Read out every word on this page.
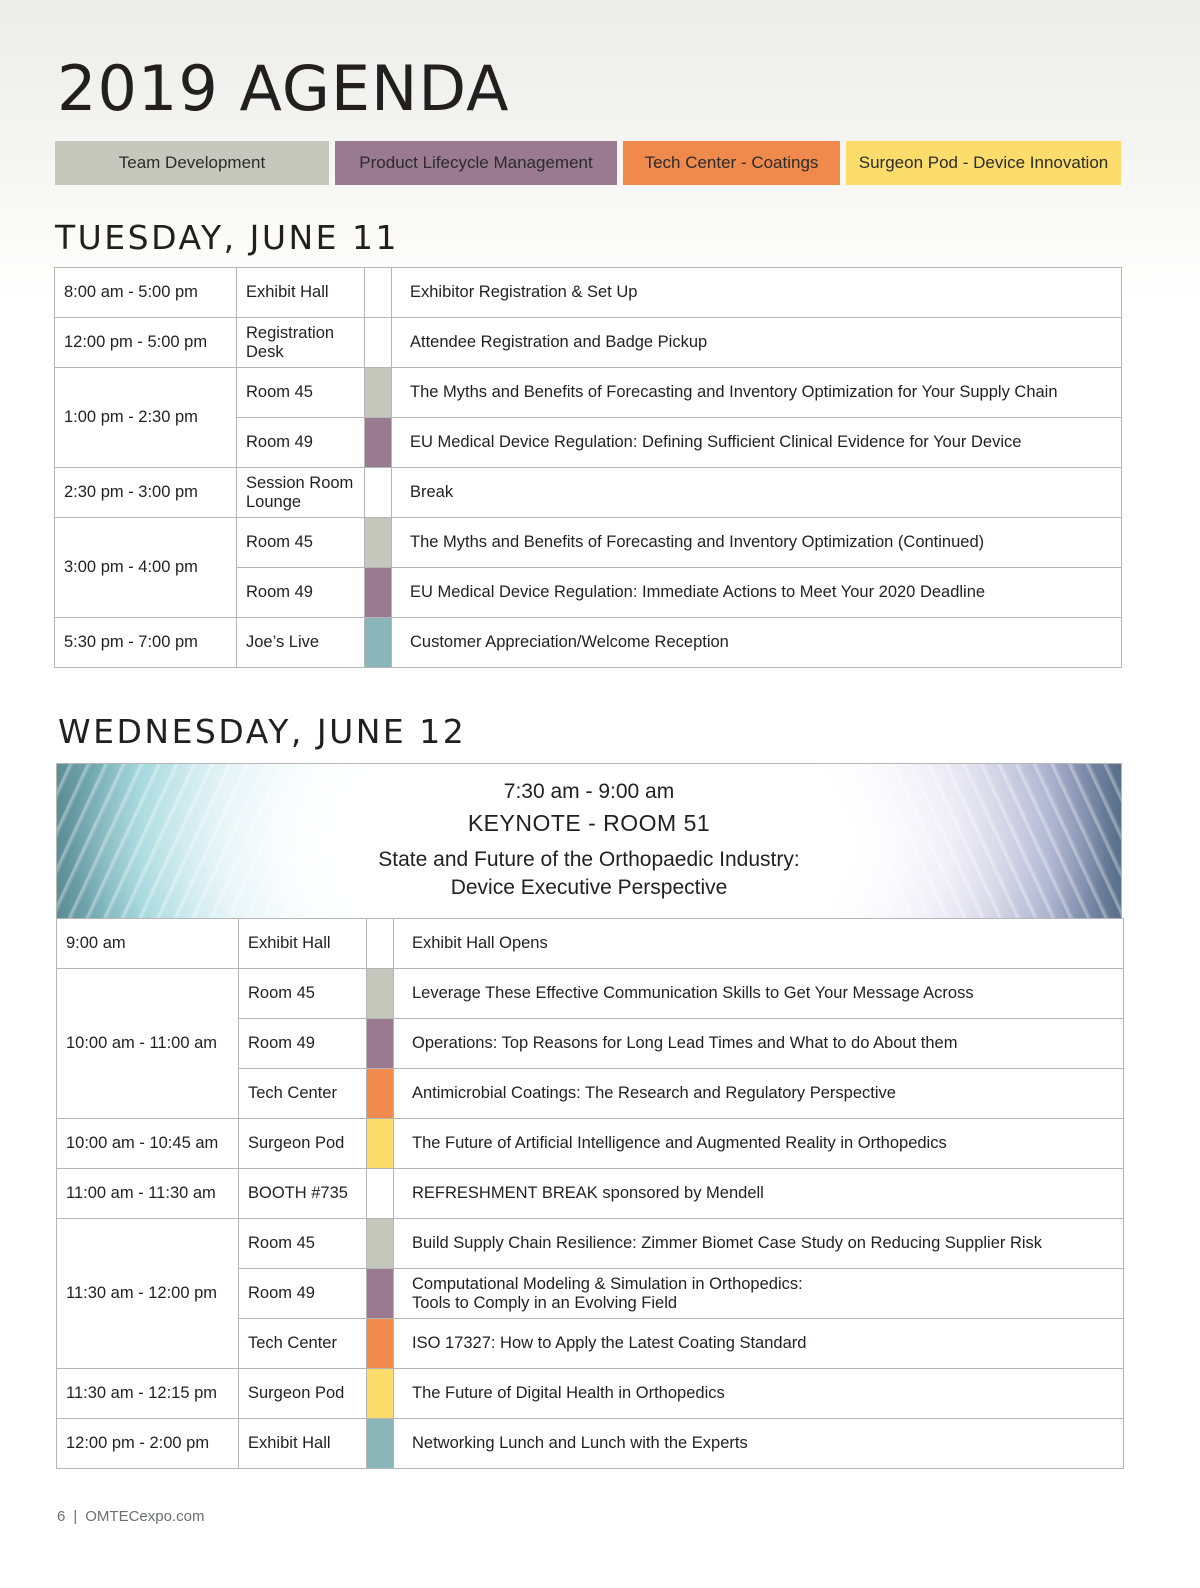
2019 AGENDA
Team Development	Product Lifecycle Management	Tech Center - Coatings	Surgeon Pod - Device Innovation
TUESDAY, JUNE 11
8:00 am - 5:00 pm	Exhibit Hall		Exhibitor Registration & Set Up
12:00 pm - 5:00 pm	Registration Desk		Attendee Registration and Badge Pickup
1:00 pm - 2:30 pm	Room 45		The Myths and Benefits of Forecasting and Inventory Optimization for Your Supply Chain
	Room 49		EU Medical Device Regulation: Defining Sufficient Clinical Evidence for Your Device
2:30 pm - 3:00 pm	Session Room Lounge		Break
3:00 pm - 4:00 pm	Room 45		The Myths and Benefits of Forecasting and Inventory Optimization (Continued)
	Room 49		EU Medical Device Regulation: Immediate Actions to Meet Your 2020 Deadline
5:30 pm - 7:00 pm	Joe’s Live		Customer Appreciation/Welcome Reception
WEDNESDAY, JUNE 12
7:30 am - 9:00 am
KEYNOTE - ROOM 51
State and Future of the Orthopaedic Industry:
Device Executive Perspective
9:00 am	Exhibit Hall		Exhibit Hall Opens
10:00 am - 11:00 am	Room 45		Leverage These Effective Communication Skills to Get Your Message Across
	Room 49		Operations: Top Reasons for Long Lead Times and What to do About them
	Tech Center		Antimicrobial Coatings: The Research and Regulatory Perspective
10:00 am - 10:45 am	Surgeon Pod		The Future of Artificial Intelligence and Augmented Reality in Orthopedics
11:00 am - 11:30 am	BOOTH #735		REFRESHMENT BREAK sponsored by Mendell
11:30 am - 12:00 pm	Room 45		Build Supply Chain Resilience: Zimmer Biomet Case Study on Reducing Supplier Risk
	Room 49		Computational Modeling & Simulation in Orthopedics:
Tools to Comply in an Evolving Field

	Tech Center		ISO 17327: How to Apply the Latest Coating Standard
11:30 am - 12:15 pm	Surgeon Pod		The Future of Digital Health in Orthopedics
12:00 pm - 2:00 pm	Exhibit Hall		Networking Lunch and Lunch with the Experts
6 | OMTECexpo.com
